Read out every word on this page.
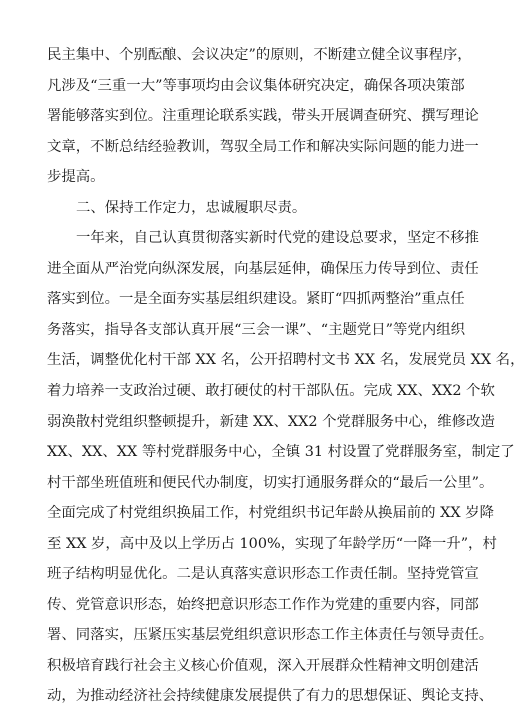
民主集中、个别酝酿、会议决定”的原则，不断建立健全议事程序，
凡涉及“三重一大”等事项均由会议集体研究决定，确保各项决策部
署能够落实到位。注重理论联系实践，带头开展调查研究、撰写理论
文章，不断总结经验教训，驾驭全局工作和解决实际问题的能力进一
步提高。
二、保持工作定力，忠诚履职尽责。
一年来，自己认真贯彻落实新时代党的建设总要求，坚定不移推
进全面从严治党向纵深发展，向基层延伸，确保压力传导到位、责任
落实到位。一是全面夯实基层组织建设。紧盯“四抓两整治”重点任
务落实，指导各支部认真开展“三会一课”、“主题党日”等党内组织
生活，调整优化村干部 XX 名，公开招聘村文书 XX 名，发展党员 XX 名，
着力培养一支政治过硬、敢打硬仗的村干部队伍。完成 XX、XX2 个软
弱涣散村党组织整顿提升，新建 XX、XX2 个党群服务中心，维修改造
XX、XX、XX 等村党群服务中心，全镇 31 村设置了党群服务室，制定了
村干部坐班值班和便民代办制度，切实打通服务群众的“最后一公里”。
全面完成了村党组织换届工作，村党组织书记年龄从换届前的 XX 岁降
至 XX 岁，高中及以上学历占 100%，实现了年龄学历“一降一升”，村
班子结构明显优化。二是认真落实意识形态工作责任制。坚持党管宣
传、党管意识形态，始终把意识形态工作作为党建的重要内容，同部
署、同落实，压紧压实基层党组织意识形态工作主体责任与领导责任。
积极培育践行社会主义核心价值观，深入开展群众性精神文明创建活
动，为推动经济社会持续健康发展提供了有力的思想保证、舆论支持、
